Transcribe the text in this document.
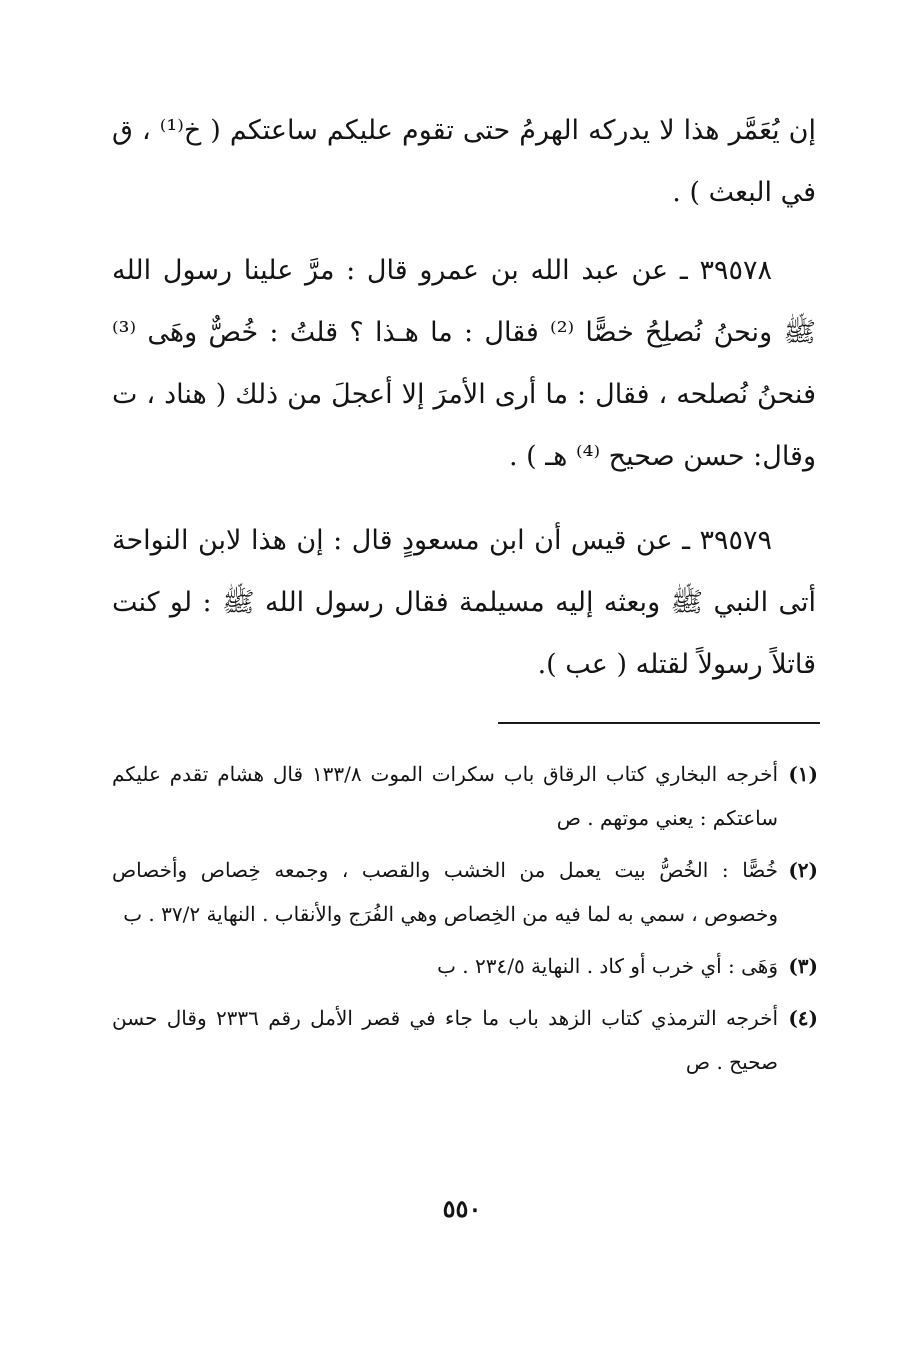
إن يُعَمَّر هذا لا يدركه الهرمُ حتى تقوم عليكم ساعتكم ( خ⁽¹⁾ ، ق في البعث ) .

٣٩٥٧٨ ـ عن عبد الله بن عمرو قال : مرَّ علينا رسول الله ﷺ ونحنُ نُصلِحُ خصًّا ⁽²⁾ فقال : ما هـذا ؟ قلتُ : خُصٌّ وهَى ⁽³⁾ فنحنُ نُصلحه ، فقال : ما أرى الأمرَ إلا أعجلَ من ذلك ( هناد ، ت وقال: حسن صحيح ⁽⁴⁾ هـ ) .

٣٩٥٧٩ ـ عن قيس أن ابن مسعودٍ قال : إن هذا لابن النواحة أتى النبي ﷺ وبعثه إليه مسيلمة فقال رسول الله ﷺ : لو كنت قاتلاً رسولاً لقتله ( عب ).

(١)
أخرجه البخاري كتاب الرقاق باب سكرات الموت ١٣٣/٨ قال هشام تقدم عليكم ساعتكم : يعني موتهم . ص
(٢)
خُصًّا : الخُصُّ بيت يعمل من الخشب والقصب ، وجمعه خِصاص وأخصاص وخصوص ، سمي به لما فيه من الخِصاص وهي الفُرَج والأنقاب . النهاية ٣٧/٢ . ب
(٣)
وَهَى : أي خرب أو كاد . النهاية ٢٣٤/٥ . ب
(٤)
أخرجه الترمذي كتاب الزهد باب ما جاء في قصر الأمل رقم ٢٣٣٦ وقال حسن صحيح . ص
٥٥٠
